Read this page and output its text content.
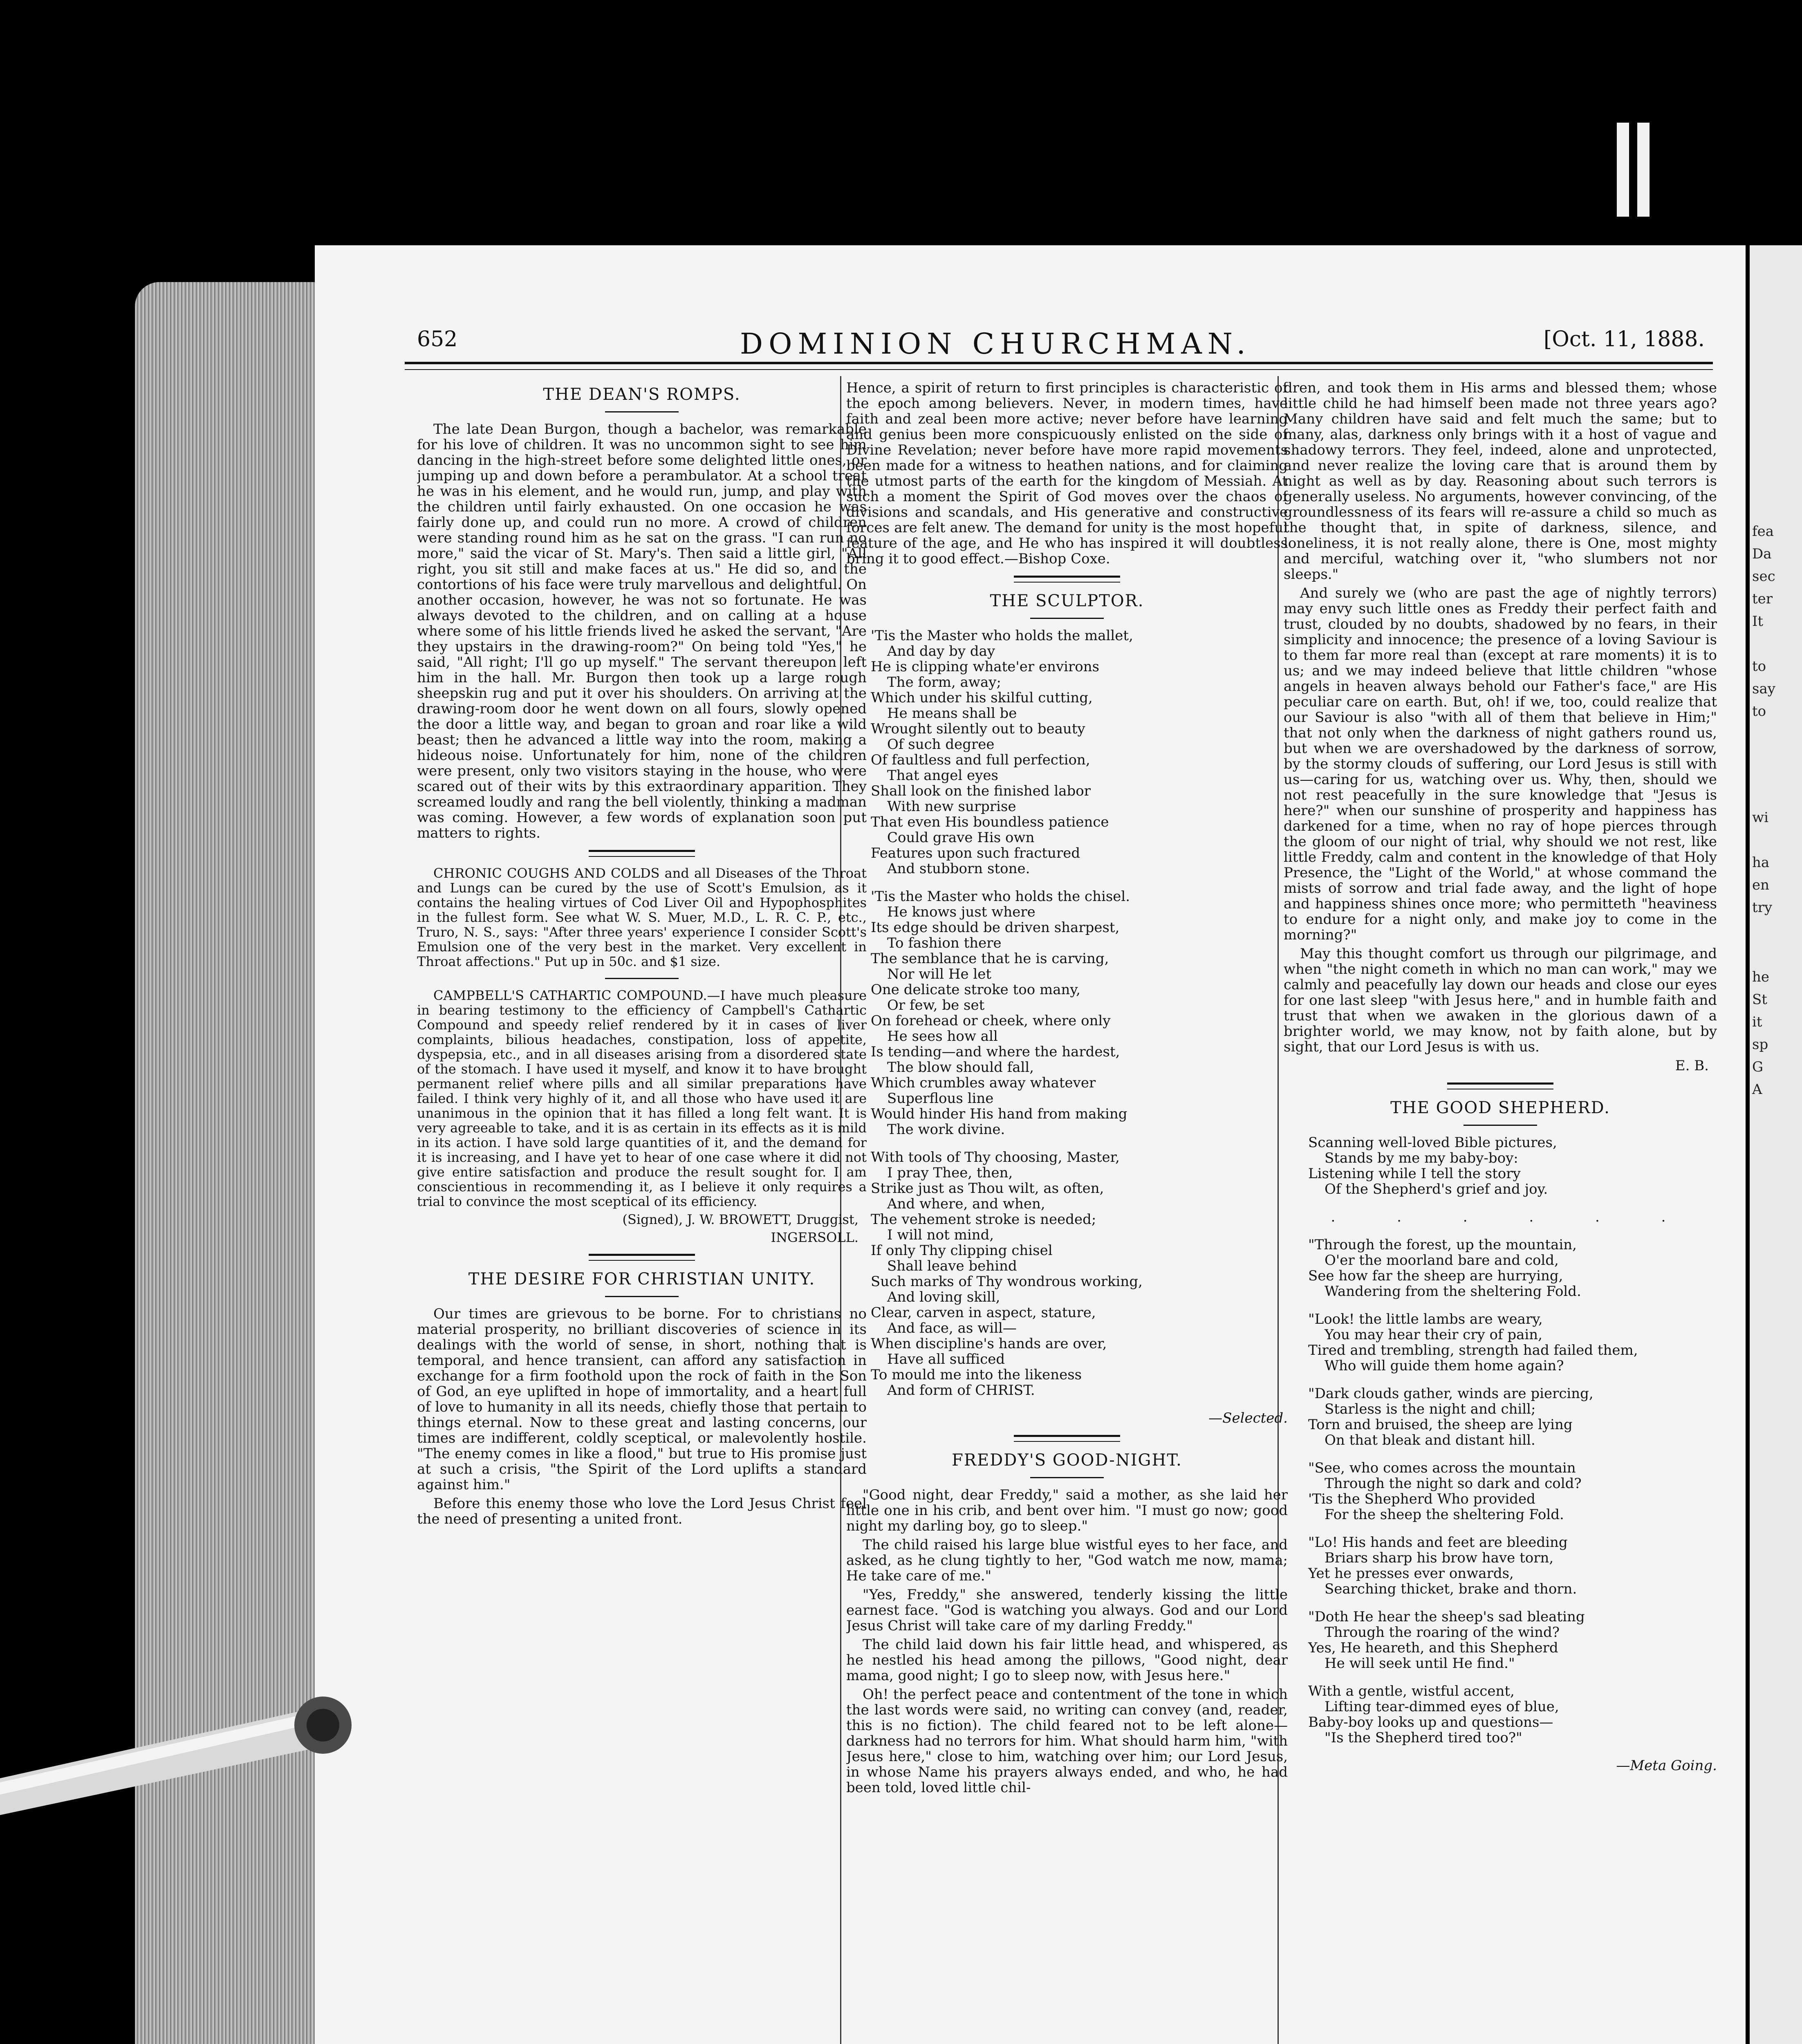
fea
Da
sec
ter
It
to
say
to
wi
ha
en
try
he
St
it
sp
G
A
652	DOMINION CHURCHMAN.	[Oct. 11, 1888.
THE DEAN'S ROMPS.

The late Dean Burgon, though a bachelor, was remarkable for his love of children. It was no uncommon sight to see him dancing in the high-street before some delighted little ones, or jumping up and down before a perambulator. At a school treat he was in his element, and he would run, jump, and play with the children until fairly exhausted. On one occasion he was fairly done up, and could run no more. A crowd of children were standing round him as he sat on the grass. "I can run no more," said the vicar of St. Mary's. Then said a little girl, "All right, you sit still and make faces at us." He did so, and the contortions of his face were truly marvellous and delightful. On another occasion, however, he was not so fortunate. He was always devoted to the children, and on calling at a house where some of his little friends lived he asked the servant, "Are they upstairs in the drawing-room?" On being told "Yes," he said, "All right; I'll go up myself." The servant thereupon left him in the hall. Mr. Burgon then took up a large rough sheepskin rug and put it over his shoulders. On arriving at the drawing-room door he went down on all fours, slowly opened the door a little way, and began to groan and roar like a wild beast; then he advanced a little way into the room, making a hideous noise. Unfortunately for him, none of the children were present, only two visitors staying in the house, who were scared out of their wits by this extraordinary apparition. They screamed loudly and rang the bell violently, thinking a madman was coming. However, a few words of explanation soon put matters to rights.

CHRONIC COUGHS AND COLDS and all Diseases of the Throat and Lungs can be cured by the use of Scott's Emulsion, as it contains the healing virtues of Cod Liver Oil and Hypophosphites in the fullest form. See what W. S. Muer, M.D., L. R. C. P., etc., Truro, N. S., says: "After three years' experience I consider Scott's Emulsion one of the very best in the market. Very excellent in Throat affections." Put up in 50c. and $1 size.

CAMPBELL'S CATHARTIC COMPOUND.—I have much pleasure in bearing testimony to the efficiency of Campbell's Cathartic Compound and speedy relief rendered by it in cases of liver complaints, bilious headaches, constipation, loss of appetite, dyspepsia, etc., and in all diseases arising from a disordered state of the stomach. I have used it myself, and know it to have brought permanent relief where pills and all similar preparations have failed. I think very highly of it, and all those who have used it are unanimous in the opinion that it has filled a long felt want. It is very agreeable to take, and it is as certain in its effects as it is mild in its action. I have sold large quantities of it, and the demand for it is increasing, and I have yet to hear of one case where it did not give entire satisfaction and produce the result sought for. I am conscientious in recommending it, as I believe it only requires a trial to convince the most sceptical of its efficiency.

(Signed), J. W. BROWETT, Druggist,
INGERSOLL.
THE DESIRE FOR CHRISTIAN UNITY.

Our times are grievous to be borne. For to christians no material prosperity, no brilliant discoveries of science in its dealings with the world of sense, in short, nothing that is temporal, and hence transient, can afford any satisfaction in exchange for a firm foothold upon the rock of faith in the Son of God, an eye uplifted in hope of immortality, and a heart full of love to humanity in all its needs, chiefly those that pertain to things eternal. Now to these great and lasting concerns, our times are indifferent, coldly sceptical, or malevolently hostile. "The enemy comes in like a flood," but true to His promise just at such a crisis, "the Spirit of the Lord uplifts a standard against him."

Before this enemy those who love the Lord Jesus Christ feel the need of presenting a united front.

Hence, a spirit of return to first principles is characteristic of the epoch among believers. Never, in modern times, have faith and zeal been more active; never before have learning and genius been more conspicuously enlisted on the side of Divine Revelation; never before have more rapid movements been made for a witness to heathen nations, and for claiming the utmost parts of the earth for the kingdom of Messiah. At such a moment the Spirit of God moves over the chaos of divisions and scandals, and His generative and constructive forces are felt anew. The demand for unity is the most hopeful feature of the age, and He who has inspired it will doubtless bring it to good effect.—Bishop Coxe.

THE SCULPTOR.
'Tis the Master who holds the mallet,
And day by day
He is clipping whate'er environs
The form, away;
Which under his skilful cutting,
He means shall be
Wrought silently out to beauty
Of such degree
Of faultless and full perfection,
That angel eyes
Shall look on the finished labor
With new surprise
That even His boundless patience
Could grave His own
Features upon such fractured
And stubborn stone.
'Tis the Master who holds the chisel.
He knows just where
Its edge should be driven sharpest,
To fashion there
The semblance that he is carving,
Nor will He let
One delicate stroke too many,
Or few, be set
On forehead or cheek, where only
He sees how all
Is tending—and where the hardest,
The blow should fall,
Which crumbles away whatever
Superflous line
Would hinder His hand from making
The work divine.
With tools of Thy choosing, Master,
I pray Thee, then,
Strike just as Thou wilt, as often,
And where, and when,
The vehement stroke is needed;
I will not mind,
If only Thy clipping chisel
Shall leave behind
Such marks of Thy wondrous working,
And loving skill,
Clear, carven in aspect, stature,
And face, as will—
When discipline's hands are over,
Have all sufficed
To mould me into the likeness
And form of CHRIST.
—Selected.
FREDDY'S GOOD-NIGHT.

"Good night, dear Freddy," said a mother, as she laid her little one in his crib, and bent over him. "I must go now; good night my darling boy, go to sleep."

The child raised his large blue wistful eyes to her face, and asked, as he clung tightly to her, "God watch me now, mama; He take care of me."

"Yes, Freddy," she answered, tenderly kissing the little earnest face. "God is watching you always. God and our Lord Jesus Christ will take care of my darling Freddy."

The child laid down his fair little head, and whispered, as he nestled his head among the pillows, "Good night, dear mama, good night; I go to sleep now, with Jesus here."

Oh! the perfect peace and contentment of the tone in which the last words were said, no writing can convey (and, reader, this is no fiction). The child feared not to be left alone—darkness had no terrors for him. What should harm him, "with Jesus here," close to him, watching over him; our Lord Jesus, in whose Name his prayers always ended, and who, he had been told, loved little chil-

dren, and took them in His arms and blessed them; whose little child he had himself been made not three years ago? Many children have said and felt much the same; but to many, alas, darkness only brings with it a host of vague and shadowy terrors. They feel, indeed, alone and unprotected, and never realize the loving care that is around them by night as well as by day. Reasoning about such terrors is generally useless. No arguments, however convincing, of the groundlessness of its fears will re-assure a child so much as the thought that, in spite of darkness, silence, and loneliness, it is not really alone, there is One, most mighty and merciful, watching over it, "who slumbers not nor sleeps."

And surely we (who are past the age of nightly terrors) may envy such little ones as Freddy their perfect faith and trust, clouded by no doubts, shadowed by no fears, in their simplicity and innocence; the presence of a loving Saviour is to them far more real than (except at rare moments) it is to us; and we may indeed believe that little children "whose angels in heaven always behold our Father's face," are His peculiar care on earth. But, oh! if we, too, could realize that our Saviour is also "with all of them that believe in Him;" that not only when the darkness of night gathers round us, but when we are overshadowed by the darkness of sorrow, by the stormy clouds of suffering, our Lord Jesus is still with us—caring for us, watching over us. Why, then, should we not rest peacefully in the sure knowledge that "Jesus is here?" when our sunshine of prosperity and happiness has darkened for a time, when no ray of hope pierces through the gloom of our night of trial, why should we not rest, like little Freddy, calm and content in the knowledge of that Holy Presence, the "Light of the World," at whose command the mists of sorrow and trial fade away, and the light of hope and happiness shines once more; who permitteth "heaviness to endure for a night only, and make joy to come in the morning?"

May this thought comfort us through our pilgrimage, and when "the night cometh in which no man can work," may we calmly and peacefully lay down our heads and close our eyes for one last sleep "with Jesus here," and in humble faith and trust that when we awaken in the glorious dawn of a brighter world, we may know, not by faith alone, but by sight, that our Lord Jesus is with us.

E. B.
THE GOOD SHEPHERD.
Scanning well-loved Bible pictures,
Stands by me my baby-boy:
Listening while I tell the story
Of the Shepherd's grief and joy.
. . . . . .
"Through the forest, up the mountain,
O'er the moorland bare and cold,
See how far the sheep are hurrying,
Wandering from the sheltering Fold.
"Look! the little lambs are weary,
You may hear their cry of pain,
Tired and trembling, strength had failed them,
Who will guide them home again?
"Dark clouds gather, winds are piercing,
Starless is the night and chill;
Torn and bruised, the sheep are lying
On that bleak and distant hill.
"See, who comes across the mountain
Through the night so dark and cold?
'Tis the Shepherd Who provided
For the sheep the sheltering Fold.
"Lo! His hands and feet are bleeding
Briars sharp his brow have torn,
Yet he presses ever onwards,
Searching thicket, brake and thorn.
"Doth He hear the sheep's sad bleating
Through the roaring of the wind?
Yes, He heareth, and this Shepherd
He will seek until He find."
With a gentle, wistful accent,
Lifting tear-dimmed eyes of blue,
Baby-boy looks up and questions—
"Is the Shepherd tired too?"
—Meta Going.
